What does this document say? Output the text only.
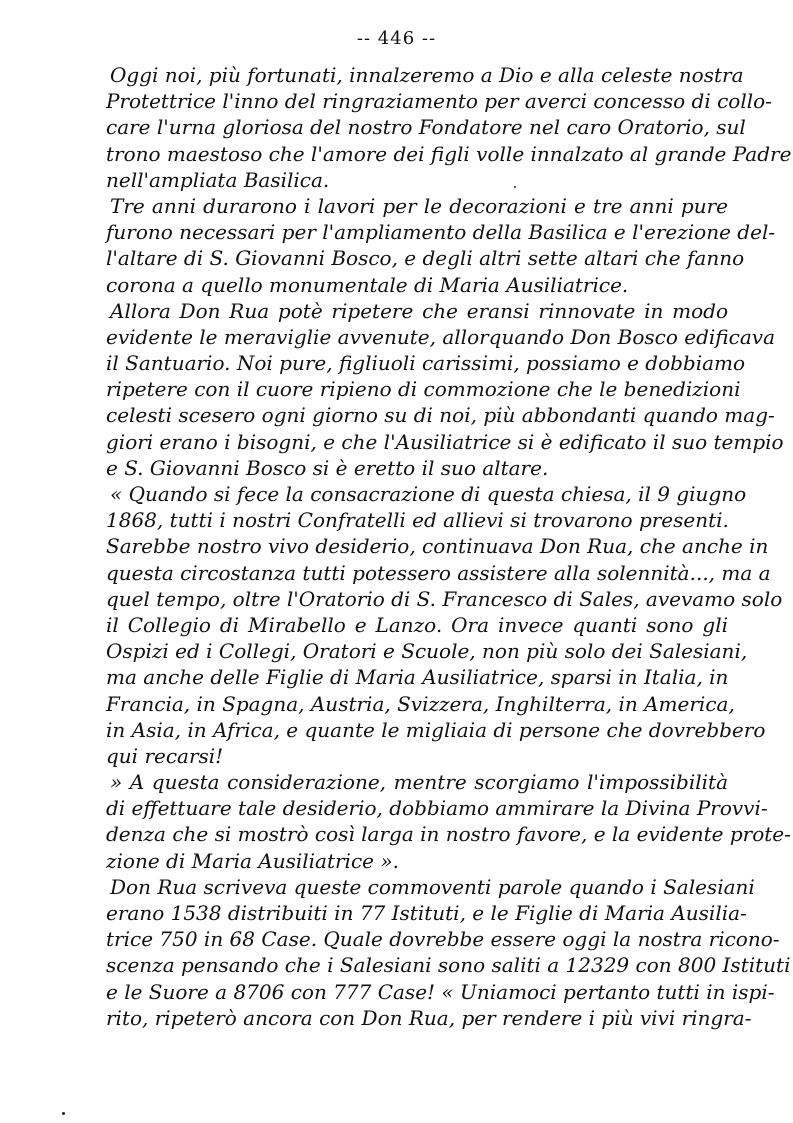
-- 446 --
Oggi noi, più fortunati, innalzeremo a Dio e alla celeste nostra
Protettrice l'inno del ringraziamento per averci concesso di collo-
care l'urna gloriosa del nostro Fondatore nel caro Oratorio, sul
trono maestoso che l'amore dei figli volle innalzato al grande Padre
nell'ampliata Basilica.
Tre anni durarono i lavori per le decorazioni e tre anni pure
furono necessari per l'ampliamento della Basilica e l'erezione del-
l'altare di S. Giovanni Bosco, e degli altri sette altari che fanno
corona a quello monumentale di Maria Ausiliatrice.
Allora Don Rua potè ripetere che eransi rinnovate in modo
evidente le meraviglie avvenute, allorquando Don Bosco edificava
il Santuario. Noi pure, figliuoli carissimi, possiamo e dobbiamo
ripetere con il cuore ripieno di commozione che le benedizioni
celesti scesero ogni giorno su di noi, più abbondanti quando mag-
giori erano i bisogni, e che l'Ausiliatrice si è edificato il suo tempio
e S. Giovanni Bosco si è eretto il suo altare.
« Quando si fece la consacrazione di questa chiesa, il 9 giugno
1868, tutti i nostri Confratelli ed allievi si trovarono presenti.
Sarebbe nostro vivo desiderio, continuava Don Rua, che anche in
questa circostanza tutti potessero assistere alla solennità..., ma a
quel tempo, oltre l'Oratorio di S. Francesco di Sales, avevamo solo
il Collegio di Mirabello e Lanzo. Ora invece quanti sono gli
Ospizi ed i Collegi, Oratori e Scuole, non più solo dei Salesiani,
ma anche delle Figlie di Maria Ausiliatrice, sparsi in Italia, in
Francia, in Spagna, Austria, Svizzera, Inghilterra, in America,
in Asia, in Africa, e quante le migliaia di persone che dovrebbero
qui recarsi!
» A questa considerazione, mentre scorgiamo l'impossibilità
di effettuare tale desiderio, dobbiamo ammirare la Divina Provvi-
denza che si mostrò così larga in nostro favore, e la evidente prote-
zione di Maria Ausiliatrice ».
Don Rua scriveva queste commoventi parole quando i Salesiani
erano 1538 distribuiti in 77 Istituti, e le Figlie di Maria Ausilia-
trice 750 in 68 Case. Quale dovrebbe essere oggi la nostra ricono-
scenza pensando che i Salesiani sono saliti a 12329 con 800 Istituti
e le Suore a 8706 con 777 Case! « Uniamoci pertanto tutti in ispi-
rito, ripeterò ancora con Don Rua, per rendere i più vivi ringra-
